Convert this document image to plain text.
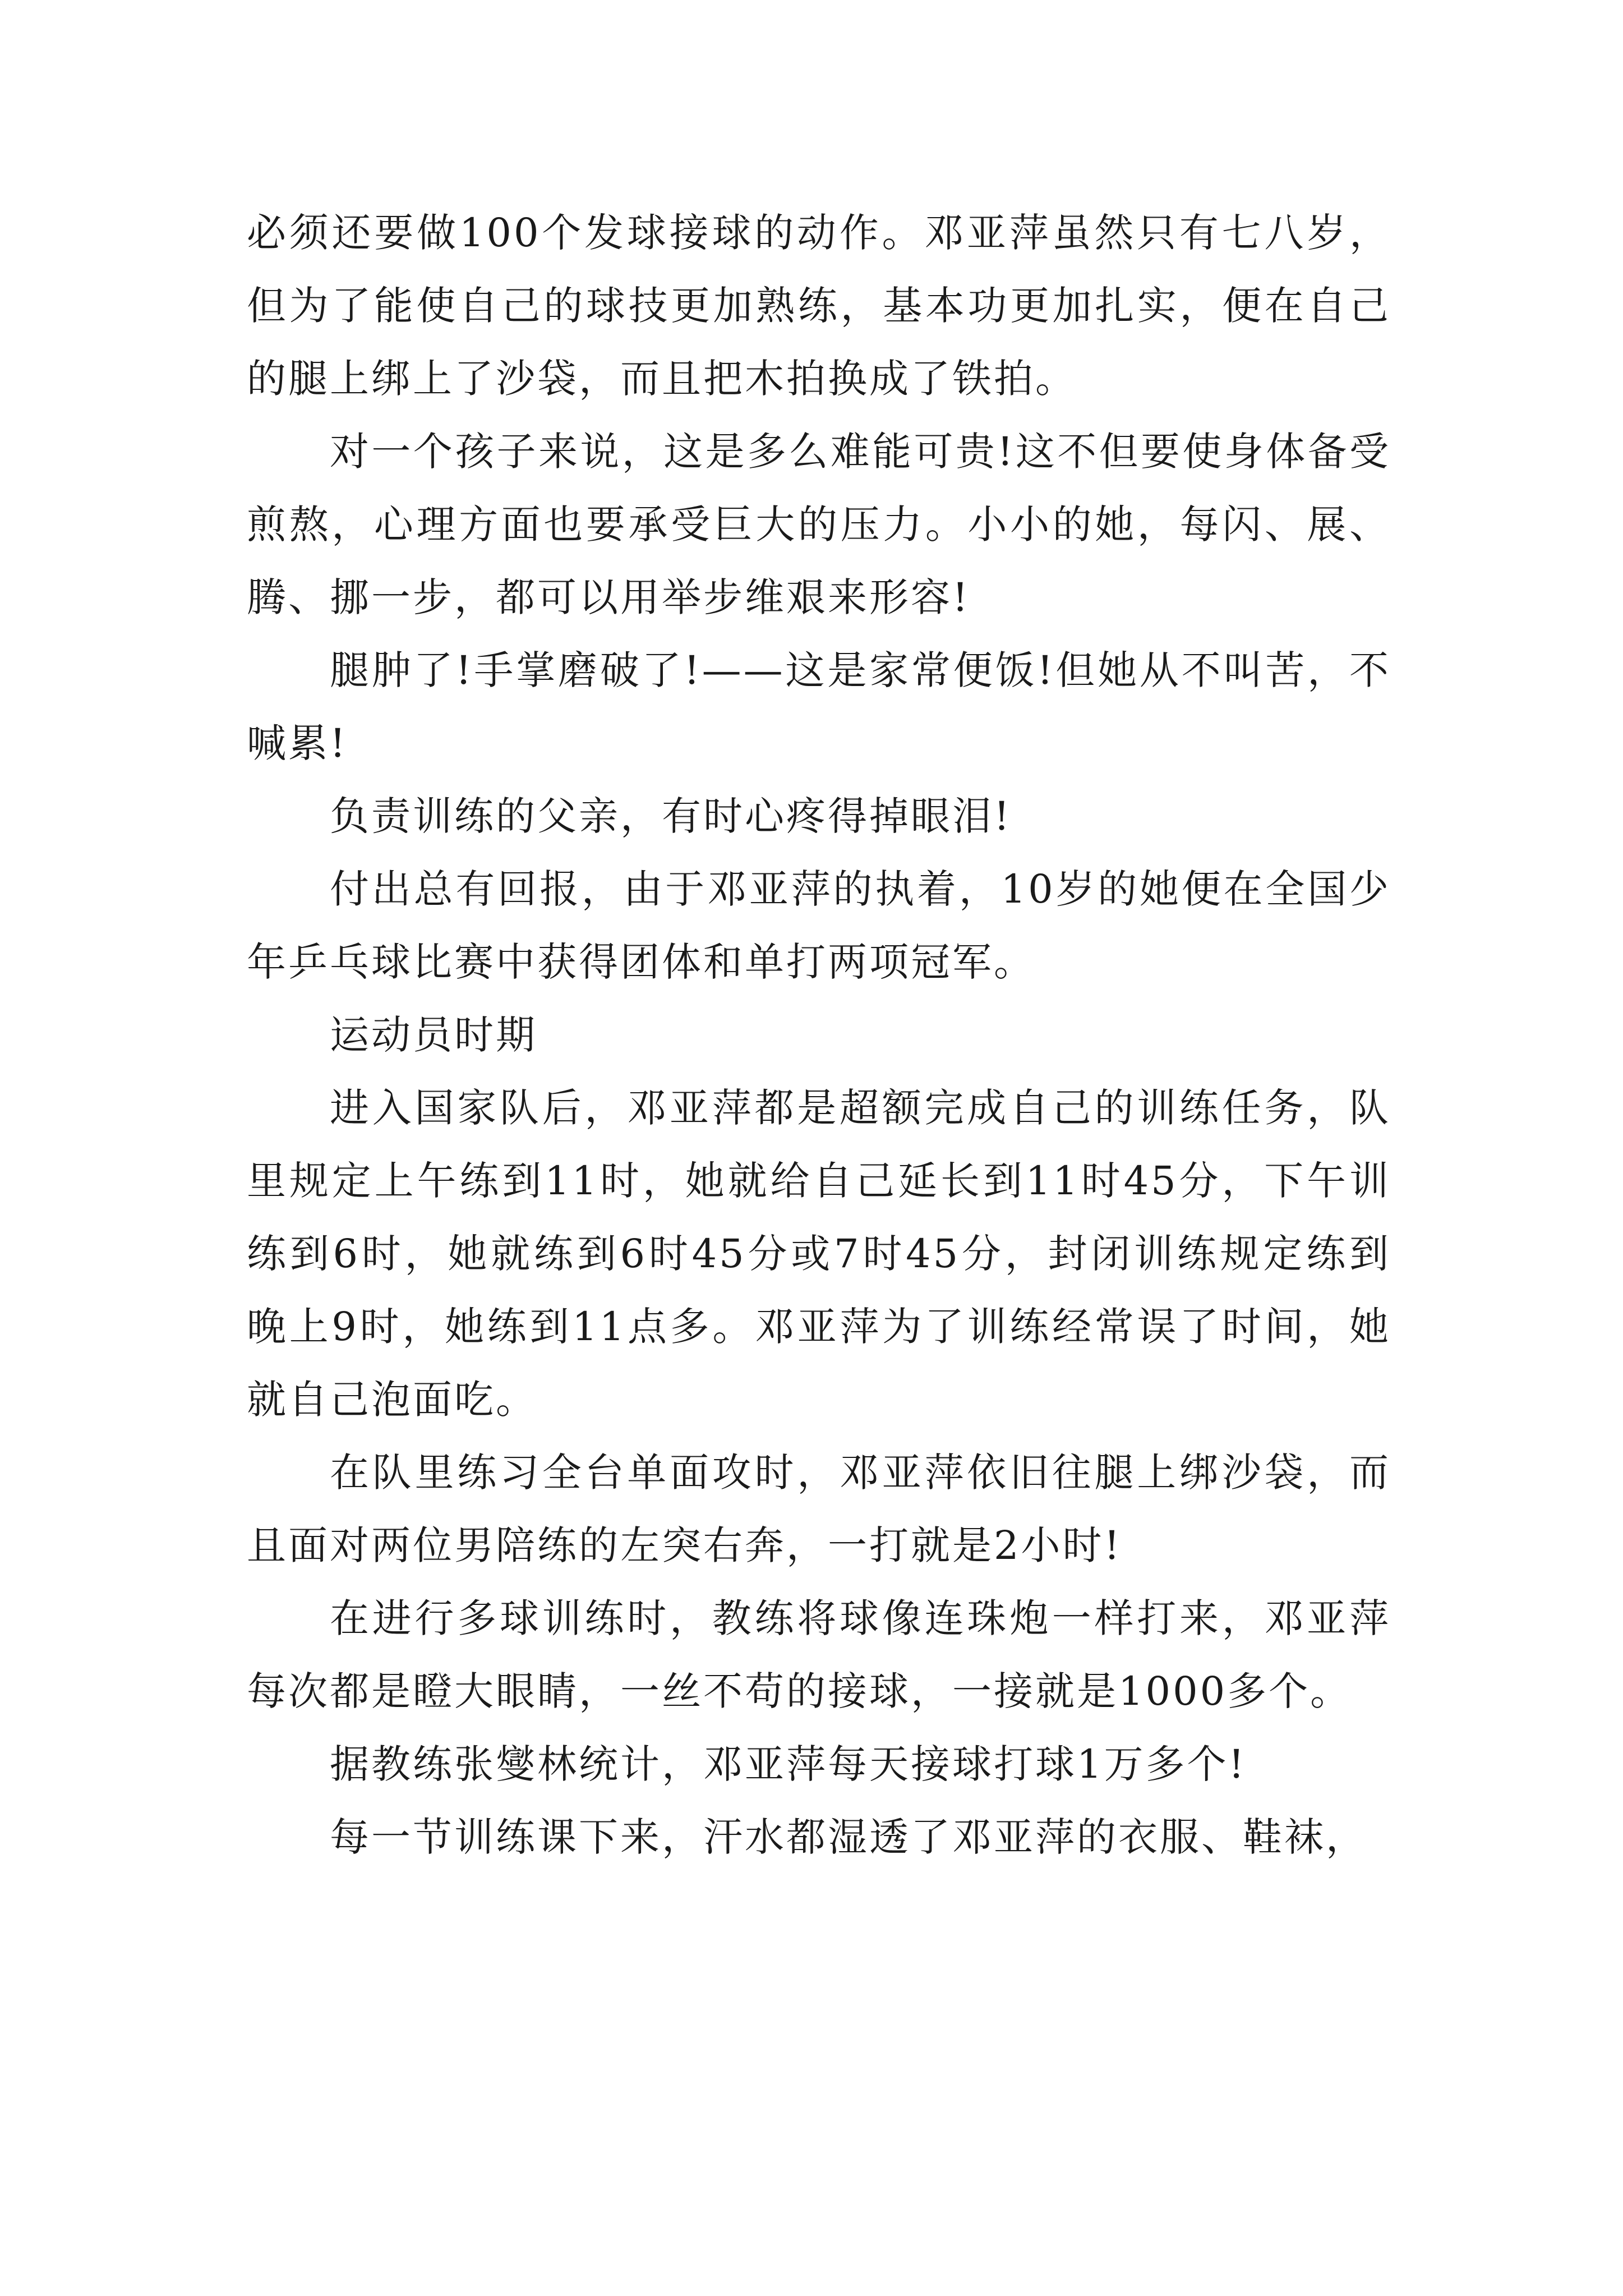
必须还要做100个发球接球的动作。邓亚萍虽然只有七八岁，但为了能使自己的球技更加熟练，基本功更加扎实，便在自己的腿上绑上了沙袋，而且把木拍换成了铁拍。

对一个孩子来说，这是多么难能可贵!这不但要使身体备受煎熬，心理方面也要承受巨大的压力。小小的她，每闪、展、腾、挪一步，都可以用举步维艰来形容!

腿肿了!手掌磨破了!——这是家常便饭!但她从不叫苦，不喊累!

负责训练的父亲，有时心疼得掉眼泪!

付出总有回报，由于邓亚萍的执着，10岁的她便在全国少年乒乓球比赛中获得团体和单打两项冠军。

运动员时期

进入国家队后，邓亚萍都是超额完成自己的训练任务，队里规定上午练到11时，她就给自己延长到11时45分，下午训练到6时，她就练到6时45分或7时45分，封闭训练规定练到晚上9时，她练到11点多。邓亚萍为了训练经常误了时间，她就自己泡面吃。

在队里练习全台单面攻时，邓亚萍依旧往腿上绑沙袋，而且面对两位男陪练的左突右奔，一打就是2小时!

在进行多球训练时，教练将球像连珠炮一样打来，邓亚萍每次都是瞪大眼睛，一丝不苟的接球，一接就是1000多个。

据教练张燮林统计，邓亚萍每天接球打球1万多个!

每一节训练课下来，汗水都湿透了邓亚萍的衣服、鞋袜，
